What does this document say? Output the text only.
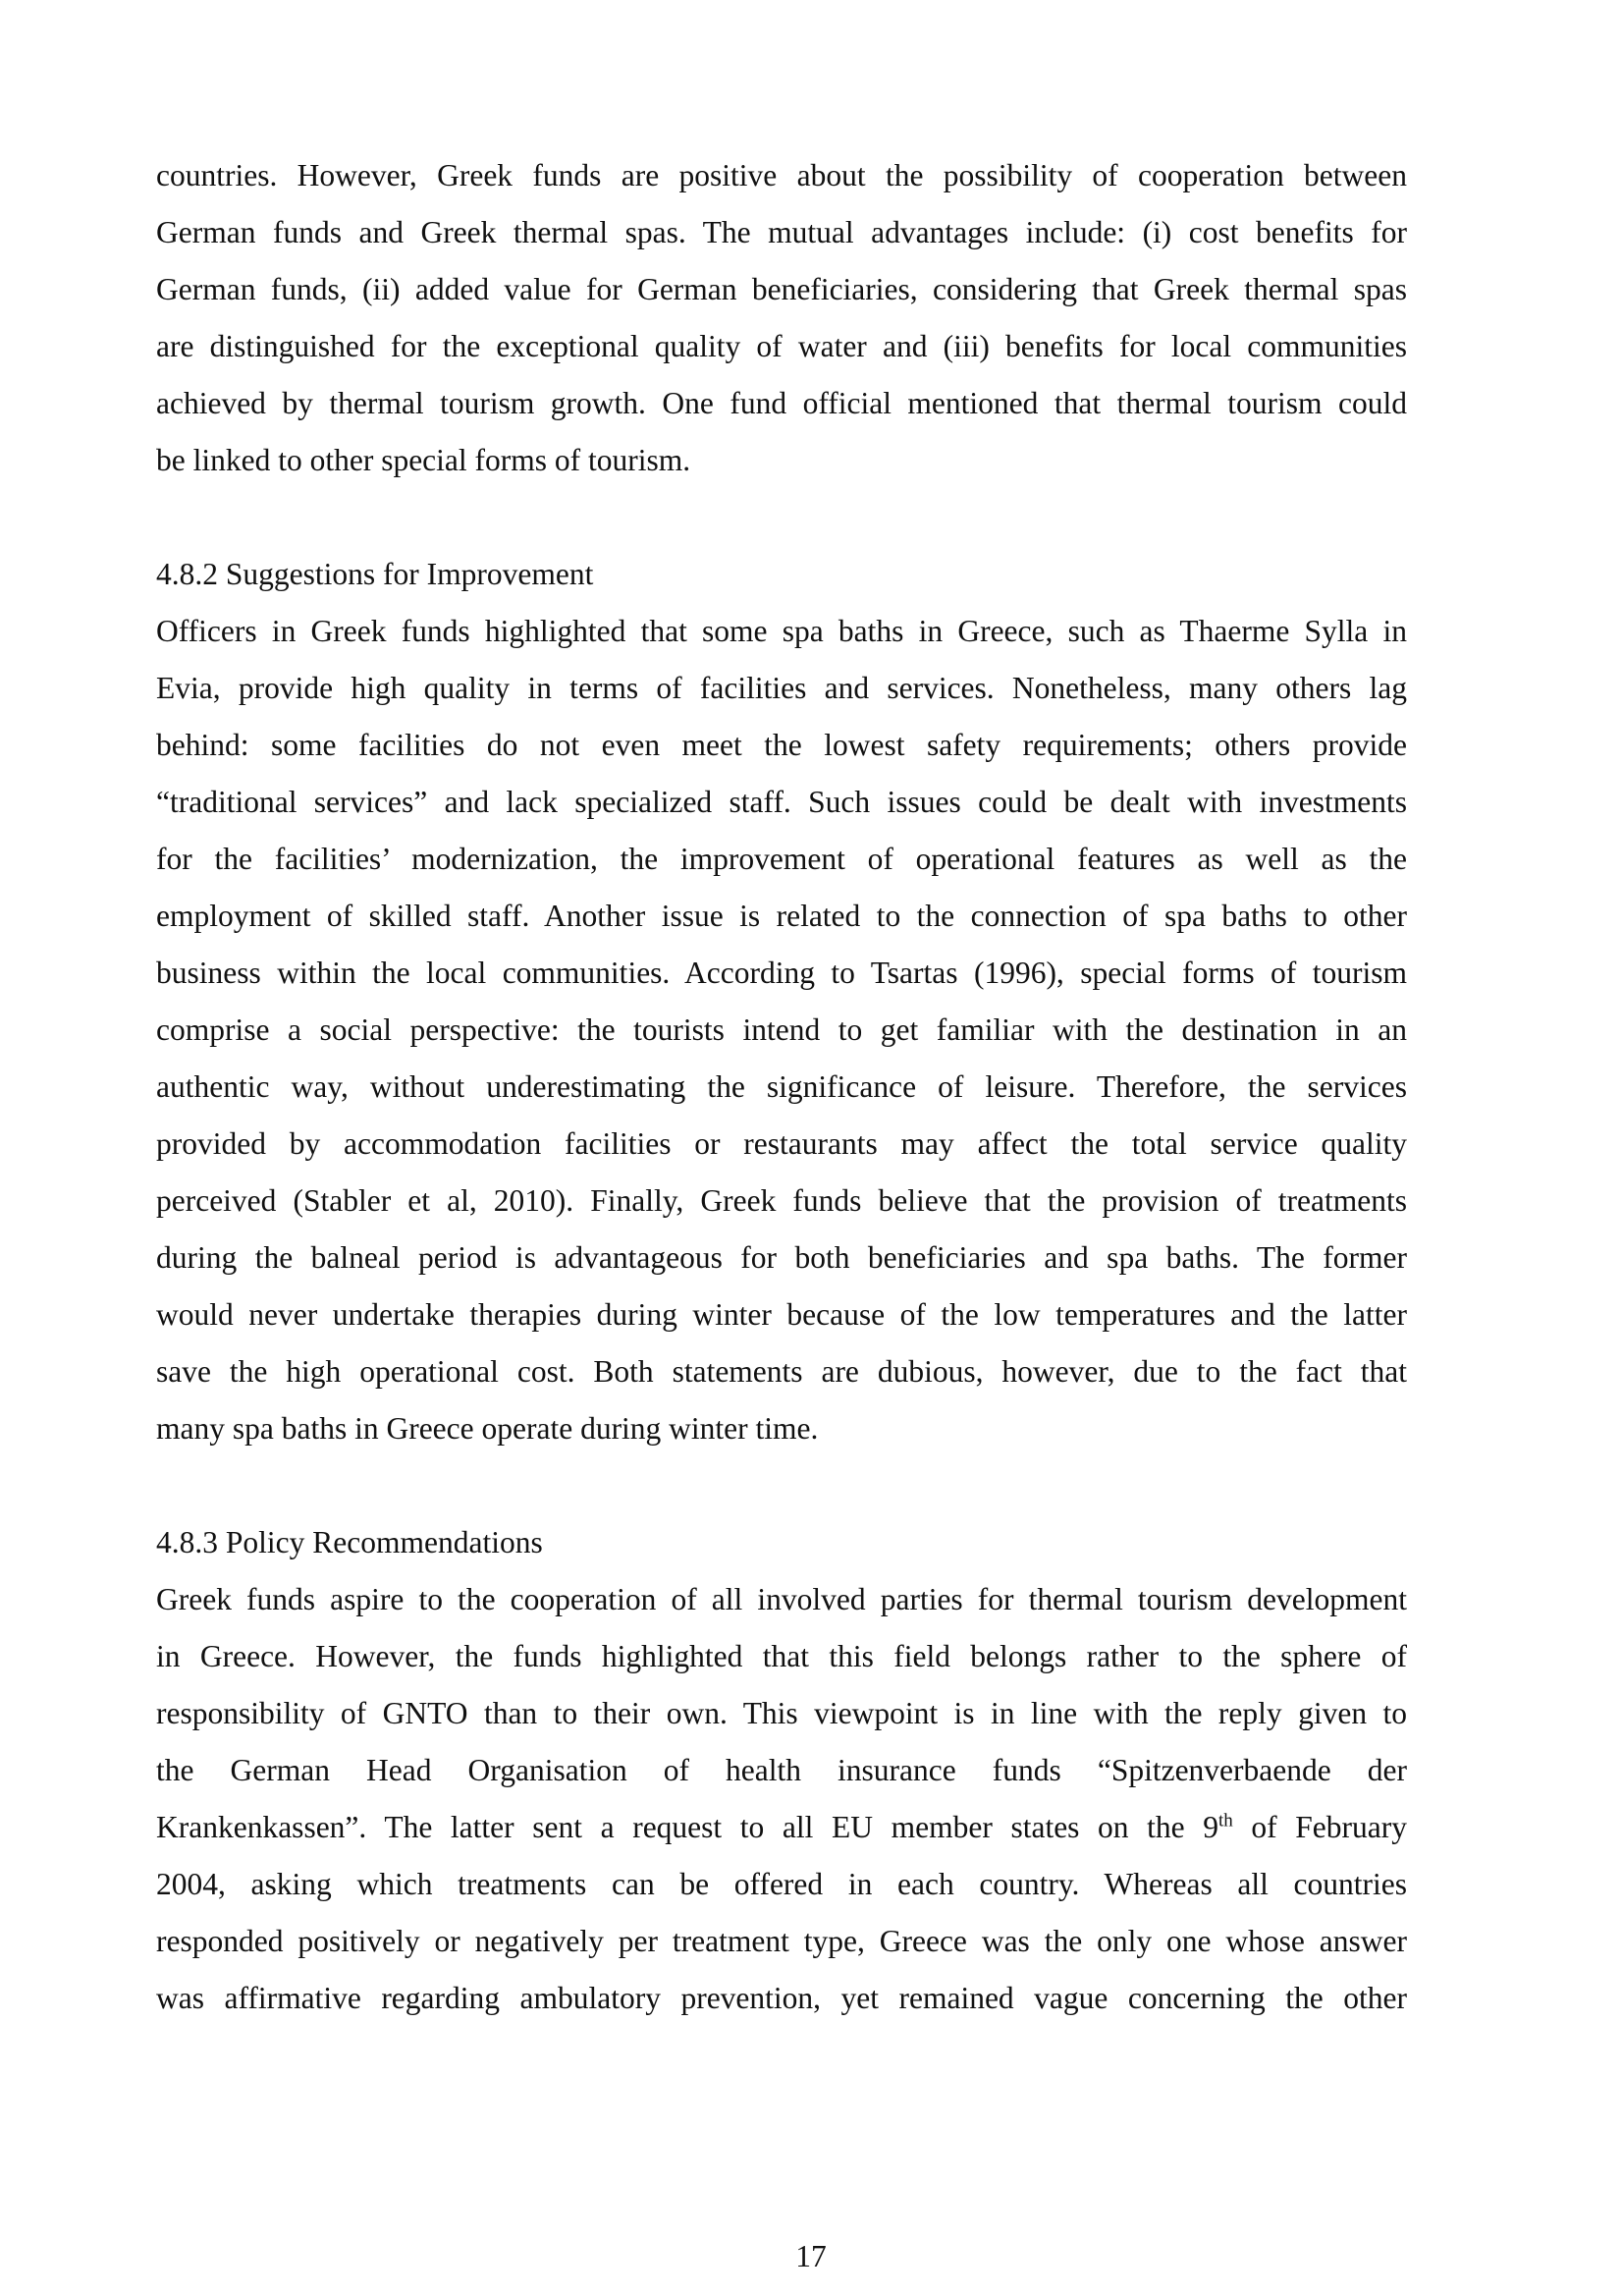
countries. However, Greek funds are positive about the possibility of cooperation between
German funds and Greek thermal spas. The mutual advantages include: (i) cost benefits for
German funds, (ii) added value for German beneficiaries, considering that Greek thermal spas
are distinguished for the exceptional quality of water and (iii) benefits for local communities
achieved by thermal tourism growth. One fund official mentioned that thermal tourism could
be linked to other special forms of tourism.

4.8.2 Suggestions for Improvement

Officers in Greek funds highlighted that some spa baths in Greece, such as Thaerme Sylla in
Evia, provide high quality in terms of facilities and services. Nonetheless, many others lag
behind: some facilities do not even meet the lowest safety requirements; others provide
“traditional services” and lack specialized staff. Such issues could be dealt with investments
for the facilities’ modernization, the improvement of operational features as well as the
employment of skilled staff. Another issue is related to the connection of spa baths to other
business within the local communities. According to Tsartas (1996), special forms of tourism
comprise a social perspective: the tourists intend to get familiar with the destination in an
authentic way, without underestimating the significance of leisure. Therefore, the services
provided by accommodation facilities or restaurants may affect the total service quality
perceived (Stabler et al, 2010). Finally, Greek funds believe that the provision of treatments
during the balneal period is advantageous for both beneficiaries and spa baths. The former
would never undertake therapies during winter because of the low temperatures and the latter
save the high operational cost. Both statements are dubious, however, due to the fact that
many spa baths in Greece operate during winter time.

4.8.3 Policy Recommendations

Greek funds aspire to the cooperation of all involved parties for thermal tourism development
in Greece. However, the funds highlighted that this field belongs rather to the sphere of
responsibility of GNTO than to their own. This viewpoint is in line with the reply given to
the German Head Organisation of health insurance funds “Spitzenverbaende der
Krankenkassen”. The latter sent a request to all EU member states on the 9th of February
2004, asking which treatments can be offered in each country. Whereas all countries
responded positively or negatively per treatment type, Greece was the only one whose answer
was affirmative regarding ambulatory prevention, yet remained vague concerning the other

17
